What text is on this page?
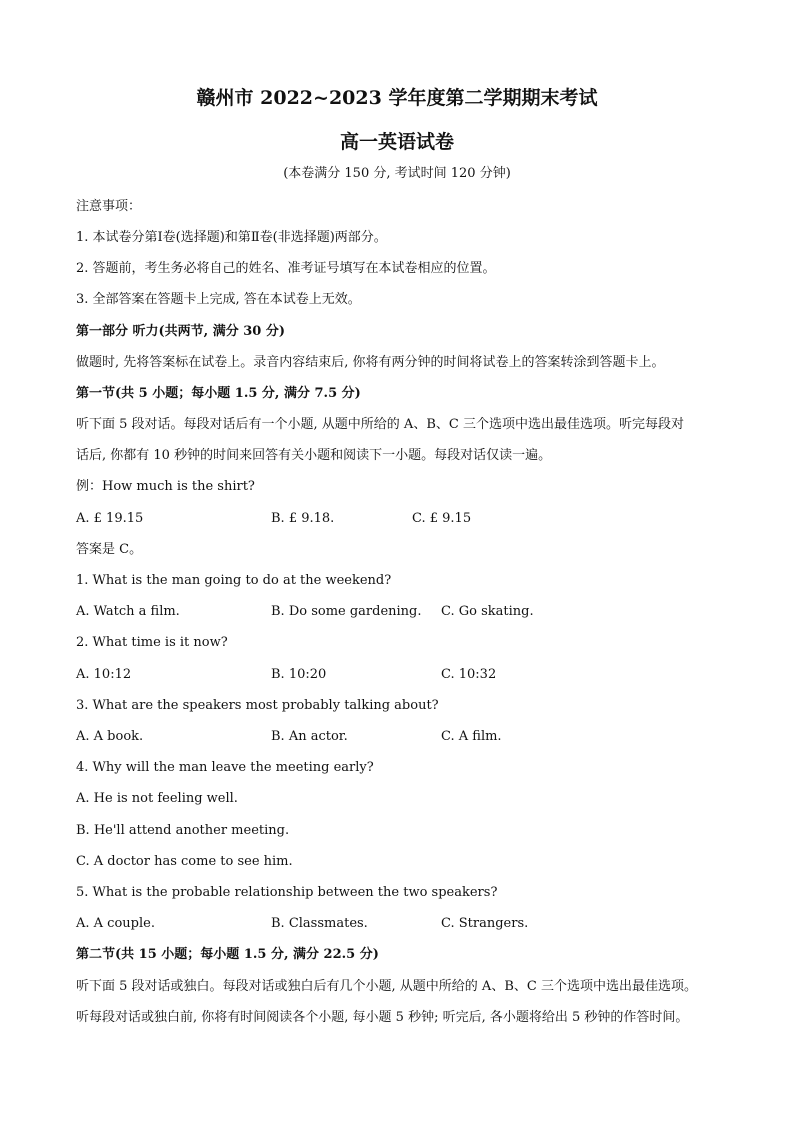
赣州市 2022~2023 学年度第二学期期末考试
高一英语试卷
(本卷满分 150 分, 考试时间 120 分钟)
注意事项：
1. 本试卷分第Ⅰ卷(选择题)和第Ⅱ卷(非选择题)两部分。
2. 答题前，考生务必将自己的姓名、准考证号填写在本试卷相应的位置。
3. 全部答案在答题卡上完成, 答在本试卷上无效。
第一部分 听力(共两节, 满分 30 分)
做题时, 先将答案标在试卷上。录音内容结束后, 你将有两分钟的时间将试卷上的答案转涂到答题卡上。
第一节(共 5 小题；每小题 1.5 分, 满分 7.5 分)
听下面 5 段对话。每段对话后有一个小题, 从题中所给的 A、B、C 三个选项中选出最佳选项。听完每段对
话后, 你都有 10 秒钟的时间来回答有关小题和阅读下一小题。每段对话仅读一遍。
例：How much is the shirt?
A. £ 19.15	B. £ 9.18.	C. £ 9.15
答案是 C。
1. What is the man going to do at the weekend?
A. Watch a film.	B. Do some gardening. C. Go skating.
2. What time is it now?
A. 10:12	B. 10:20	C. 10:32
3. What are the speakers most probably talking about?
A. A book.	B. An actor.	C. A film.
4. Why will the man leave the meeting early?
A. He is not feeling well.
B. He'll attend another meeting.
C. A doctor has come to see him.
5. What is the probable relationship between the two speakers?
A. A couple.	B. Classmates.	C. Strangers.
第二节(共 15 小题；每小题 1.5 分, 满分 22.5 分)
听下面 5 段对话或独白。每段对话或独白后有几个小题, 从题中所给的 A、B、C 三个选项中选出最佳选项。
听每段对话或独白前, 你将有时间阅读各个小题, 每小题 5 秒钟; 听完后, 各小题将给出 5 秒钟的作答时间。
